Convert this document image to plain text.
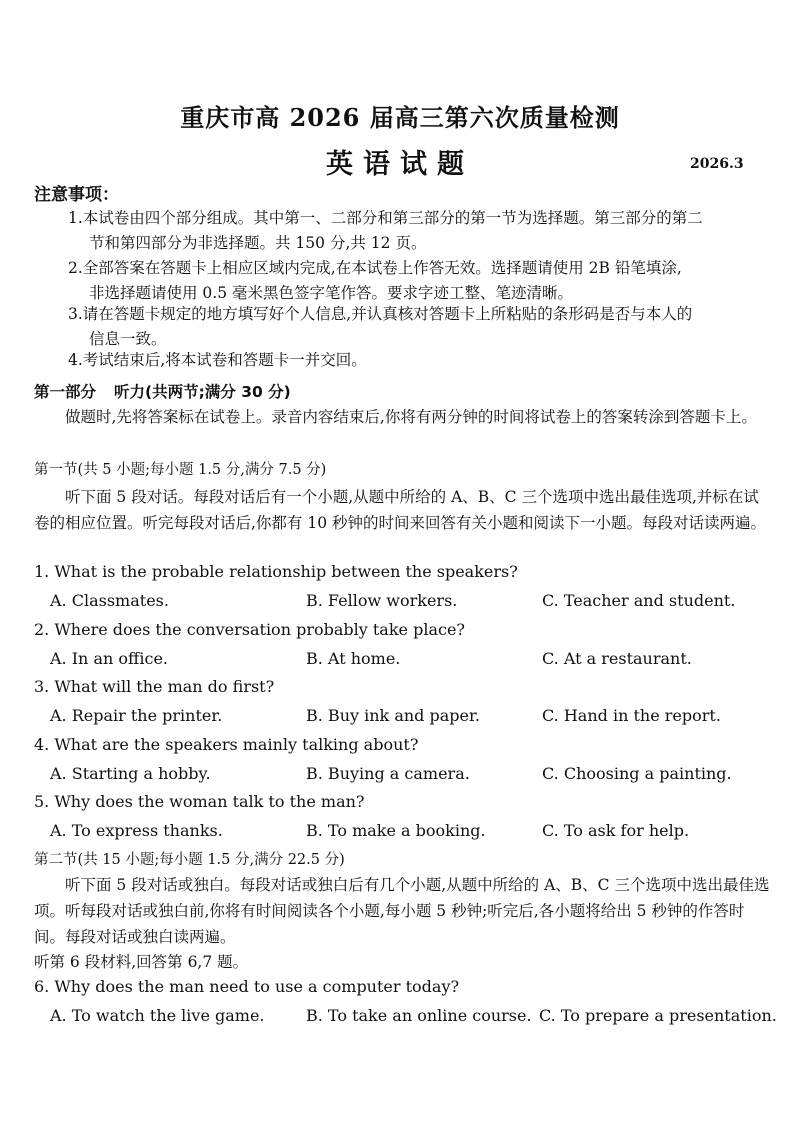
重庆市高 2026 届高三第六次质量检测
英语试题	2026.3
注意事项：
1.本试卷由四个部分组成。其中第一、二部分和第三部分的第一节为选择题。第三部分的第二
节和第四部分为非选择题。共 150 分,共 12 页。
2.全部答案在答题卡上相应区域内完成,在本试卷上作答无效。选择题请使用 2B 铅笔填涂,
非选择题请使用 0.5 毫米黑色签字笔作答。要求字迹工整、笔迹清晰。
3.请在答题卡规定的地方填写好个人信息,并认真核对答题卡上所粘贴的条形码是否与本人的
信息一致。
4.考试结束后,将本试卷和答题卡一并交回。
第一部分 听力(共两节;满分 30 分)
做题时,先将答案标在试卷上。录音内容结束后,你将有两分钟的时间将试卷上的答案转涂到答题卡上。
第一节(共 5 小题;每小题 1.5 分,满分 7.5 分)
听下面 5 段对话。每段对话后有一个小题,从题中所给的 A、B、C 三个选项中选出最佳选项,并标在试卷的相应位置。听完每段对话后,你都有 10 秒钟的时间来回答有关小题和阅读下一小题。每段对话读两遍。
1. What is the probable relationship between the speakers?
A. Classmates.	B. Fellow workers.	C. Teacher and student.
2. Where does the conversation probably take place?
A. In an office.	B. At home.	C. At a restaurant.
3. What will the man do first?
A. Repair the printer.	B. Buy ink and paper.	C. Hand in the report.
4. What are the speakers mainly talking about?
A. Starting a hobby.	B. Buying a camera.	C. Choosing a painting.
5. Why does the woman talk to the man?
A. To express thanks.	B. To make a booking.	C. To ask for help.
第二节(共 15 小题;每小题 1.5 分,满分 22.5 分)
听下面 5 段对话或独白。每段对话或独白后有几个小题,从题中所给的 A、B、C 三个选项中选出最佳选项。听每段对话或独白前,你将有时间阅读各个小题,每小题 5 秒钟;听完后,各小题将给出 5 秒钟的作答时间。每段对话或独白读两遍。
听第 6 段材料,回答第 6,7 题。
6. Why does the man need to use a computer today?
A. To watch the live game.	B. To take an online course. C. To prepare a presentation.
